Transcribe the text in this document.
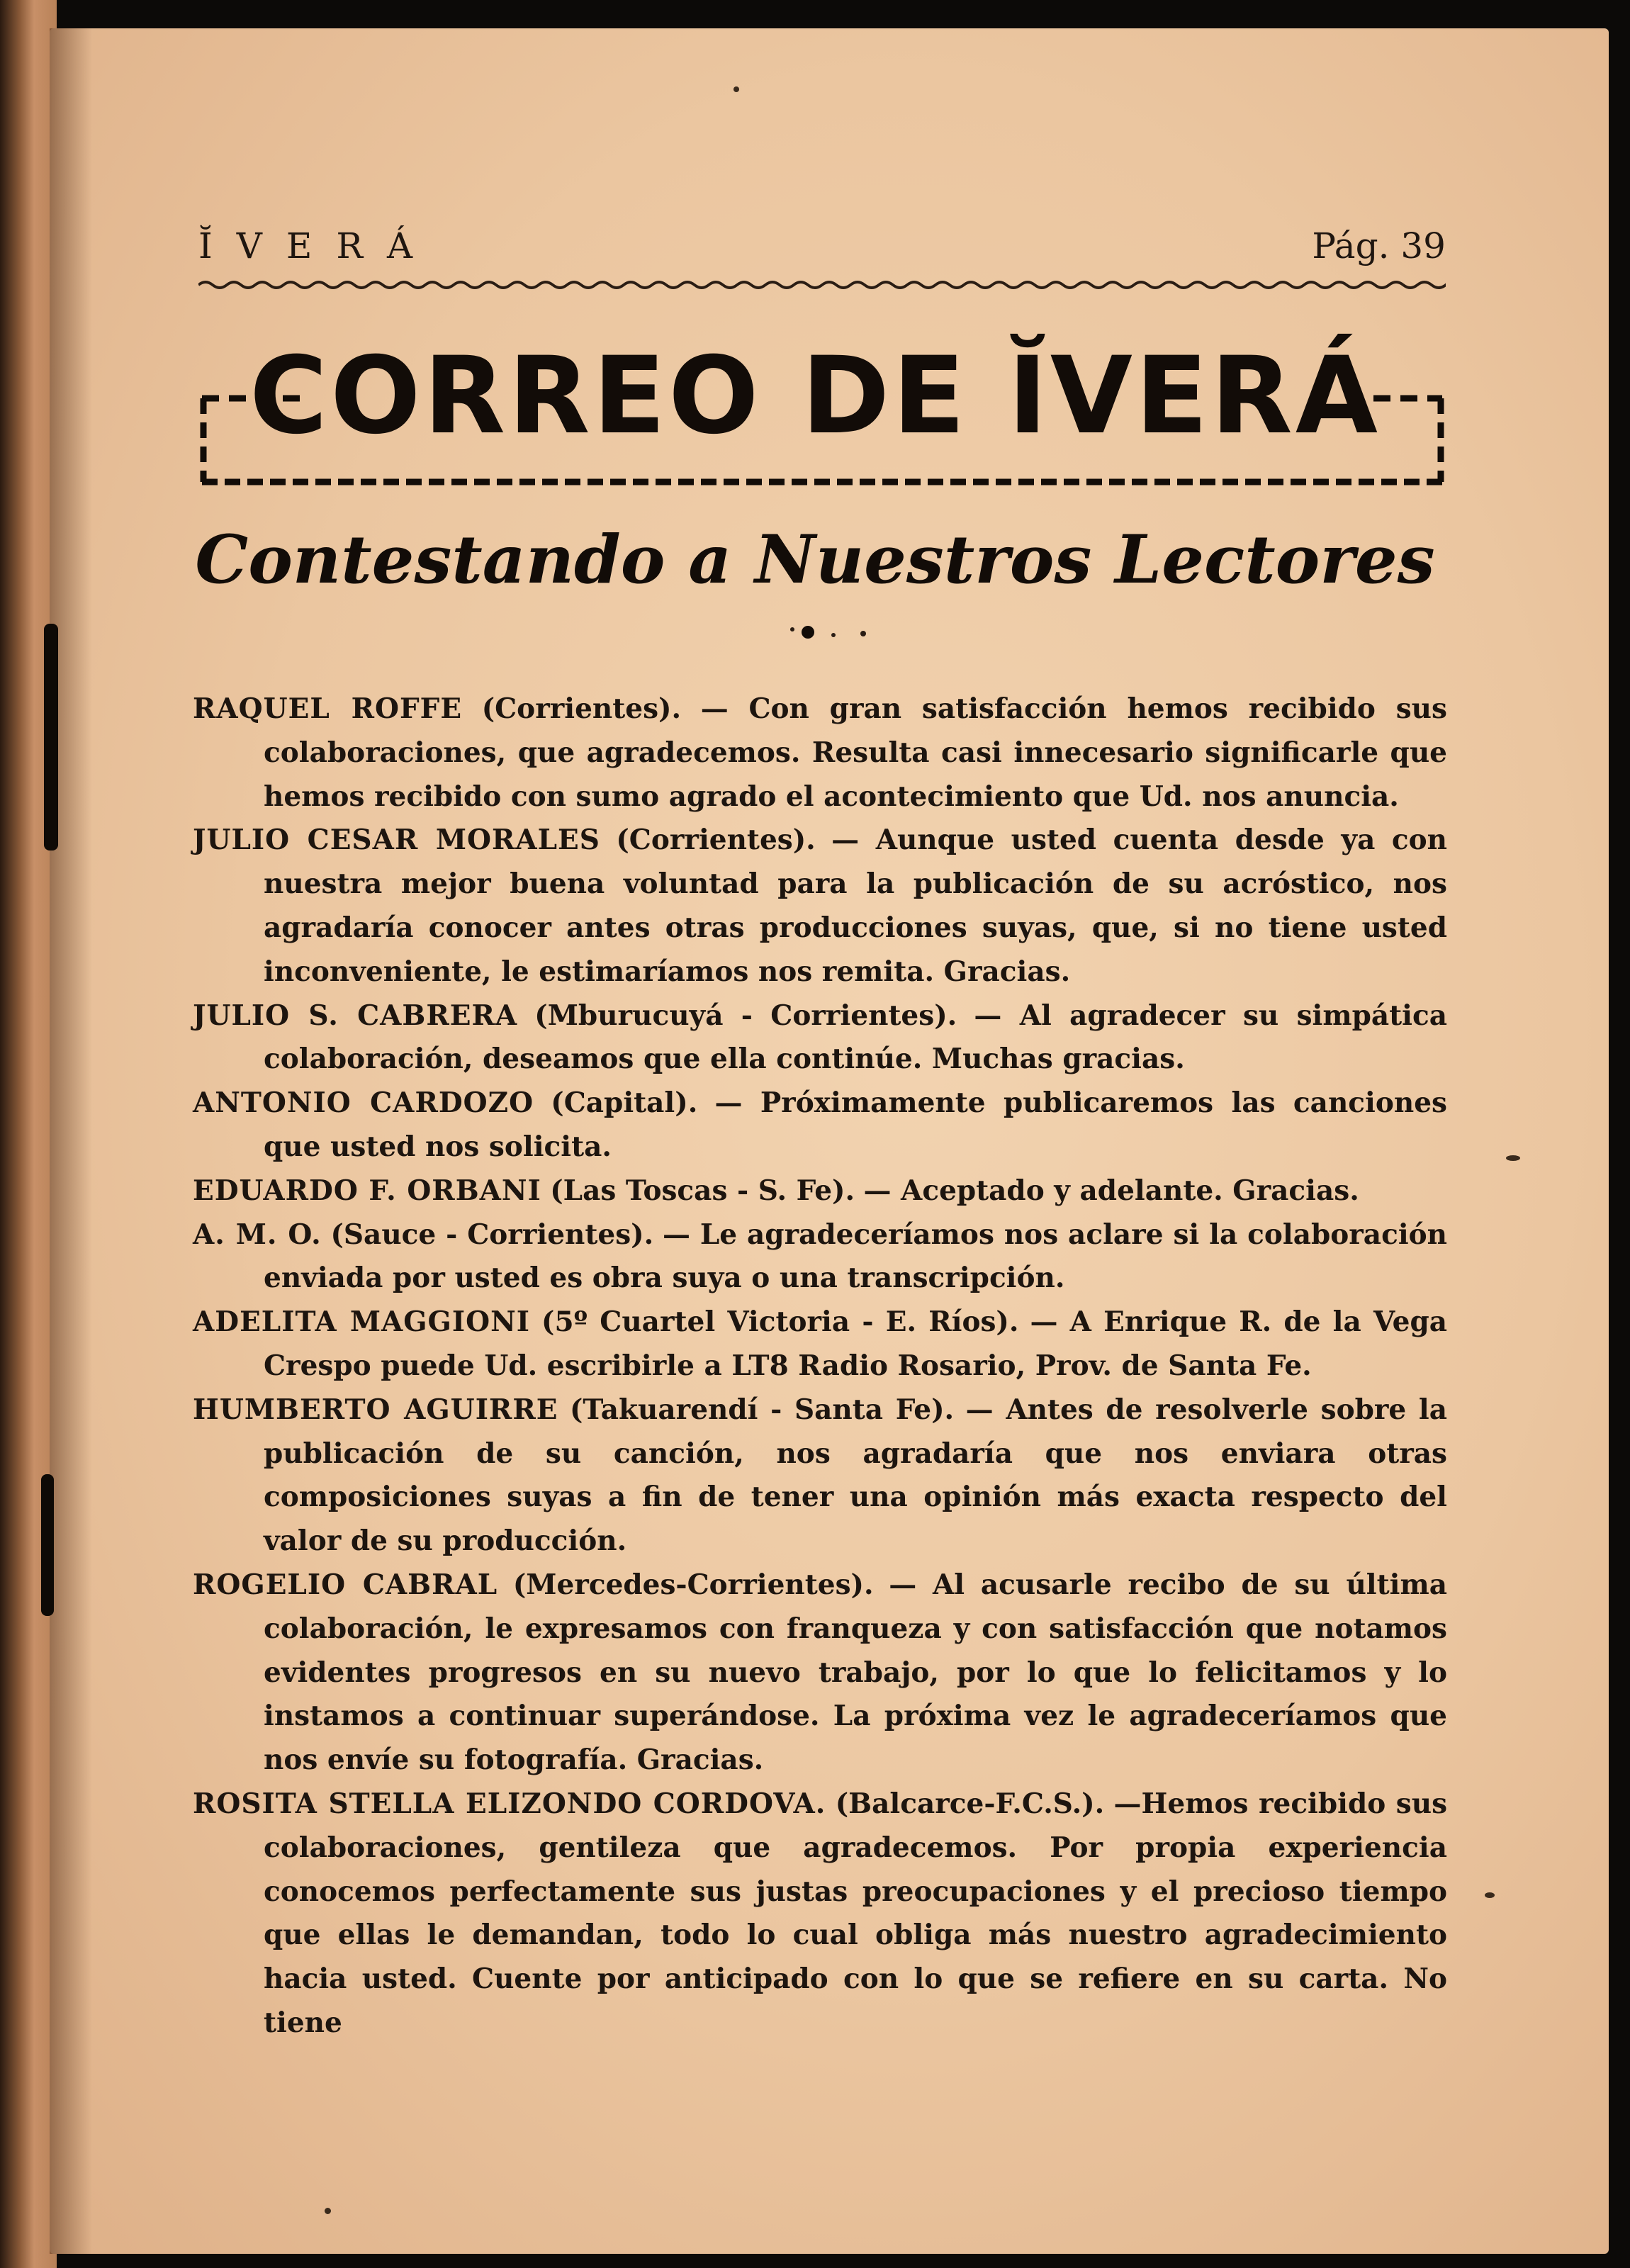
ĬVERÁ	Pág. 39
CORREO DE ĬVERÁ
Contestando a Nuestros Lectores

RAQUEL ROFFE (Corrientes). — Con gran satisfacción hemos recibido sus colaboraciones, que agradecemos. Resulta casi innecesario significarle que hemos recibido con sumo agrado el acontecimiento que Ud. nos anuncia.

JULIO CESAR MORALES (Corrientes). — Aunque usted cuenta desde ya con nuestra mejor buena voluntad para la publicación de su acróstico, nos agradaría conocer antes otras producciones suyas, que, si no tiene usted inconveniente, le estimaríamos nos remita. Gracias.

JULIO S. CABRERA (Mburucuyá - Corrientes). — Al agradecer su simpática colaboración, deseamos que ella continúe. Muchas gracias.

ANTONIO CARDOZO (Capital). — Próximamente publicaremos las canciones que usted nos solicita.

EDUARDO F. ORBANI (Las Toscas - S. Fe). — Aceptado y adelante. Gracias.

A. M. O. (Sauce - Corrientes). — Le agradeceríamos nos aclare si la colaboración enviada por usted es obra suya o una transcripción.

ADELITA MAGGIONI (5º Cuartel Victoria - E. Ríos). — A Enrique R. de la Vega Crespo puede Ud. escribirle a LT8 Radio Rosario, Prov. de Santa Fe.

HUMBERTO AGUIRRE (Takuarendí - Santa Fe). — Antes de resolverle sobre la publicación de su canción, nos agradaría que nos enviara otras composiciones suyas a fin de tener una opinión más exacta respecto del valor de su producción.

ROGELIO CABRAL (Mercedes-Corrientes). — Al acusarle recibo de su última colaboración, le expresamos con franqueza y con satisfacción que notamos evidentes progresos en su nuevo trabajo, por lo que lo felicitamos y lo instamos a continuar superándose. La próxima vez le agradeceríamos que nos envíe su fotografía. Gracias.

ROSITA STELLA ELIZONDO CORDOVA. (Balcarce-F.C.S.). —Hemos recibido sus colaboraciones, gentileza que agradecemos. Por propia experiencia conocemos perfectamente sus justas preocupaciones y el precioso tiempo que ellas le demandan, todo lo cual obliga más nuestro agradecimiento hacia usted. Cuente por anticipado con lo que se refiere en su carta. No tiene
